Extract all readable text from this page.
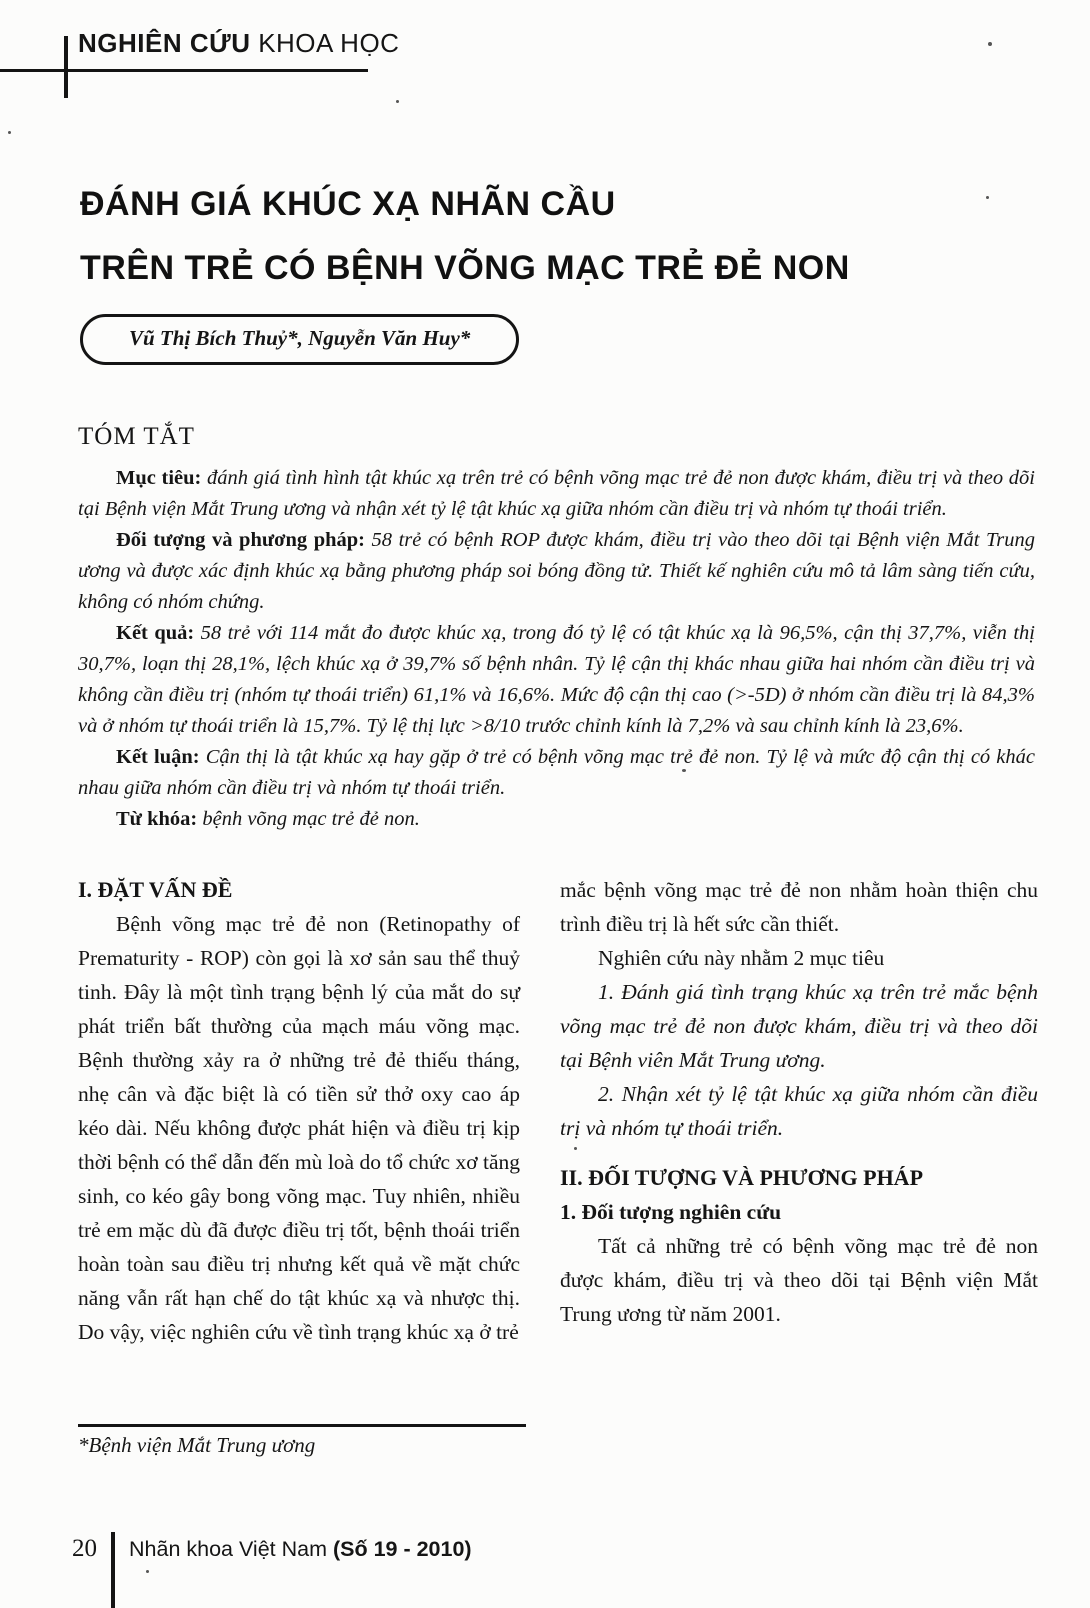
NGHIÊN CỨU KHOA HỌC
ĐÁNH GIÁ KHÚC XẠ NHÃN CẦU
TRÊN TRẺ CÓ BỆNH VÕNG MẠC TRẺ ĐẺ NON
Vũ Thị Bích Thuỷ*, Nguyễn Văn Huy*
TÓM TẮT

Mục tiêu: đánh giá tình hình tật khúc xạ trên trẻ có bệnh võng mạc trẻ đẻ non được khám, điều trị và theo dõi tại Bệnh viện Mắt Trung ương và nhận xét tỷ lệ tật khúc xạ giữa nhóm cần điều trị và nhóm tự thoái triển.

Đối tượng và phương pháp: 58 trẻ có bệnh ROP được khám, điều trị vào theo dõi tại Bệnh viện Mắt Trung ương và được xác định khúc xạ bằng phương pháp soi bóng đồng tử. Thiết kế nghiên cứu mô tả lâm sàng tiến cứu, không có nhóm chứng.

Kết quả: 58 trẻ với 114 mắt đo được khúc xạ, trong đó tỷ lệ có tật khúc xạ là 96,5%, cận thị 37,7%, viễn thị 30,7%, loạn thị 28,1%, lệch khúc xạ ở 39,7% số bệnh nhân. Tỷ lệ cận thị khác nhau giữa hai nhóm cần điều trị và không cần điều trị (nhóm tự thoái triển) 61,1% và 16,6%. Mức độ cận thị cao (>-5D) ở nhóm cần điều trị là 84,3% và ở nhóm tự thoái triển là 15,7%. Tỷ lệ thị lực >8/10 trước chỉnh kính là 7,2% và sau chỉnh kính là 23,6%.

Kết luận: Cận thị là tật khúc xạ hay gặp ở trẻ có bệnh võng mạc trẻ đẻ non. Tỷ lệ và mức độ cận thị có khác nhau giữa nhóm cần điều trị và nhóm tự thoái triển.

Từ khóa: bệnh võng mạc trẻ đẻ non.

I. ĐẶT VẤN ĐỀ

Bệnh võng mạc trẻ đẻ non (Retinopathy of Prematurity - ROP) còn gọi là xơ sản sau thể thuỷ tinh. Đây là một tình trạng bệnh lý của mắt do sự phát triển bất thường của mạch máu võng mạc. Bệnh thường xảy ra ở những trẻ đẻ thiếu tháng, nhẹ cân và đặc biệt là có tiền sử thở oxy cao áp kéo dài. Nếu không được phát hiện và điều trị kịp thời bệnh có thể dẫn đến mù loà do tổ chức xơ tăng sinh, co kéo gây bong võng mạc. Tuy nhiên, nhiều trẻ em mặc dù đã được điều trị tốt, bệnh thoái triển hoàn toàn sau điều trị nhưng kết quả về mặt chức năng vẫn rất hạn chế do tật khúc xạ và nhược thị. Do vậy, việc nghiên cứu về tình trạng khúc xạ ở trẻ

mắc bệnh võng mạc trẻ đẻ non nhằm hoàn thiện chu trình điều trị là hết sức cần thiết.

Nghiên cứu này nhằm 2 mục tiêu

1. Đánh giá tình trạng khúc xạ trên trẻ mắc bệnh võng mạc trẻ đẻ non được khám, điều trị và theo dõi tại Bệnh viên Mắt Trung ương.

2. Nhận xét tỷ lệ tật khúc xạ giữa nhóm cần điều trị và nhóm tự thoái triển.

II. ĐỐI TƯỢNG VÀ PHƯƠNG PHÁP

1. Đối tượng nghiên cứu

Tất cả những trẻ có bệnh võng mạc trẻ đẻ non được khám, điều trị và theo dõi tại Bệnh viện Mắt Trung ương từ năm 2001.

*Bệnh viện Mắt Trung ương
20	Nhãn khoa Việt Nam (Số 19 - 2010)
